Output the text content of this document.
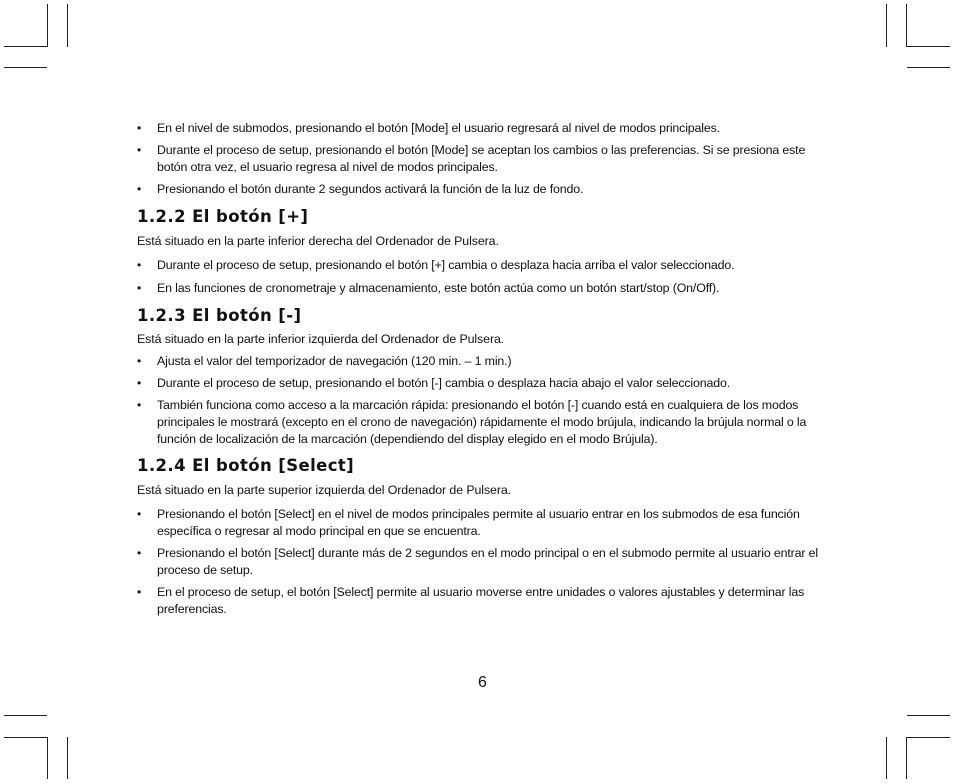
• En el nivel de submodos, presionando el botón [Mode] el usuario regresará al nivel de modos principales.
• Durante el proceso de setup, presionando el botón [Mode] se aceptan los cambios o las preferencias. Si se presiona este botón otra vez, el usuario regresa al nivel de modos principales.
• Presionando el botón durante 2 segundos activará la función de la luz de fondo.
1.2.2 El botón [+]

Está situado en la parte inferior derecha del Ordenador de Pulsera.

• Durante el proceso de setup, presionando el botón [+] cambia o desplaza hacia arriba el valor seleccionado.
• En las funciones de cronometraje y almacenamiento, este botón actúa como un botón start/stop (On/Off).
1.2.3 El botón [-]

Está situado en la parte inferior izquierda del Ordenador de Pulsera.

• Ajusta el valor del temporizador de navegación (120 min. – 1 min.)
• Durante el proceso de setup, presionando el botón [-] cambia o desplaza hacia abajo el valor seleccionado.
• También funciona como acceso a la marcación rápida: presionando el botón [-] cuando está en cualquiera de los modos principales le mostrará (excepto en el crono de navegación) rápidamente el modo brújula, indicando la brújula normal o la función de localización de la marcación (dependiendo del display elegido en el modo Brújula).
1.2.4 El botón [Select]

Está situado en la parte superior izquierda del Ordenador de Pulsera.

• Presionando el botón [Select] en el nivel de modos principales permite al usuario entrar en los submodos de esa función específica o regresar al modo principal en que se encuentra.
• Presionando el botón [Select] durante más de 2 segundos en el modo principal o en el submodo permite al usuario entrar el proceso de setup.
• En el proceso de setup, el botón [Select] permite al usuario moverse entre unidades o valores ajustables y determinar las preferencias.
6
